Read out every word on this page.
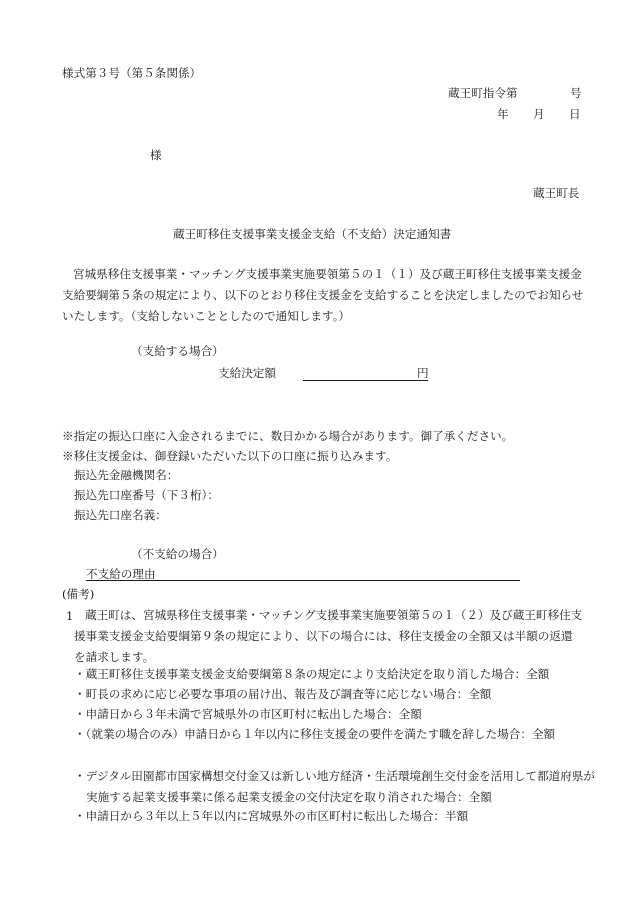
様式第３号（第５条関係）
蔵王町指令第	号
年 月 日
様
蔵王町長
蔵王町移住支援事業支援金支給（不支給）決定通知書
宮城県移住支援事業・マッチング支援事業実施要領第５の１（１）及び蔵王町移住支援事業支援金支給要綱第５条の規定により、以下のとおり移住支援金を支給することを決定しましたのでお知らせいたします。（支給しないこととしたので通知します。）
（支給する場合）
支給決定額	円
※指定の振込口座に入金されるまでに、数日かかる場合があります。御了承ください。
※移住支援金は、御登録いただいた以下の口座に振り込みます。
振込先金融機関名：
振込先口座番号（下３桁）：
振込先口座名義：
（不支給の場合）
不支給の理由
(備考)
1	蔵王町は、宮城県移住支援事業・マッチング支援事業実施要領第５の１（２）及び蔵王町移住支援事業支援金支給要綱第９条の規定により、以下の場合には、移住支援金の全額又は半額の返還を請求します。
・蔵王町移住支援事業支援金支給要綱第８条の規定により支給決定を取り消した場合：全額
・町長の求めに応じ必要な事項の届け出、報告及び調査等に応じない場合：全額
・申請日から３年未満で宮城県外の市区町村に転出した場合：全額
・（就業の場合のみ）申請日から１年以内に移住支援金の要件を満たす職を辞した場合：全額
・デジタル田園都市国家構想交付金又は新しい地方経済・生活環境創生交付金を活用して都道府県が実施する起業支援事業に係る起業支援金の交付決定を取り消された場合：全額
・申請日から３年以上５年以内に宮城県外の市区町村に転出した場合：半額
